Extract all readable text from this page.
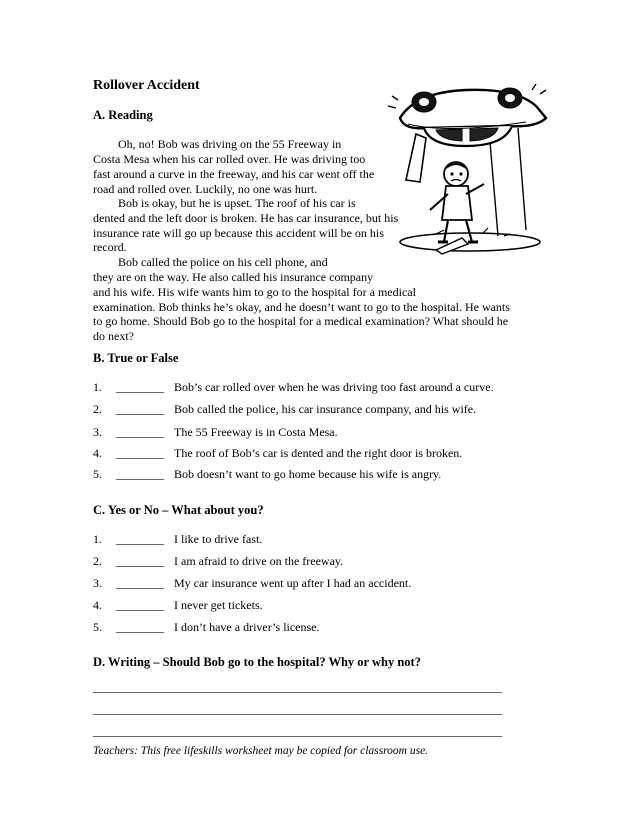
Rollover Accident
A. Reading
Oh, no! Bob was driving on the 55 Freeway in
Costa Mesa when his car rolled over. He was driving too
fast around a curve in the freeway, and his car went off the
road and rolled over. Luckily, no one was hurt.
Bob is okay, but he is upset. The roof of his car is
dented and the left door is broken. He has car insurance, but his
insurance rate will go up because this accident will be on his
record.
Bob called the police on his cell phone, and
they are on the way. He also called his insurance company
and his wife. His wife wants him to go to the hospital for a medical
examination. Bob thinks he’s okay, and he doesn’t want to go to the hospital. He wants
to go home. Should Bob go to the hospital for a medical examination? What should he
do next?
B. True or False
1. ________ Bob’s car rolled over when he was driving too fast around a curve.
2. ________ Bob called the police, his car insurance company, and his wife.
3. ________ The 55 Freeway is in Costa Mesa.
4. ________ The roof of Bob’s car is dented and the right door is broken.
5. ________ Bob doesn’t want to go home because his wife is angry.
C. Yes or No – What about you?
1. ________ I like to drive fast.
2. ________ I am afraid to drive on the freeway.
3. ________ My car insurance went up after I had an accident.
4. ________ I never get tickets.
5. ________ I don’t have a driver’s license.
D. Writing – Should Bob go to the hospital? Why or why not?
_________________________________________________________________________
_________________________________________________________________________
_________________________________________________________________________
Teachers: This free lifeskills worksheet may be copied for classroom use.
